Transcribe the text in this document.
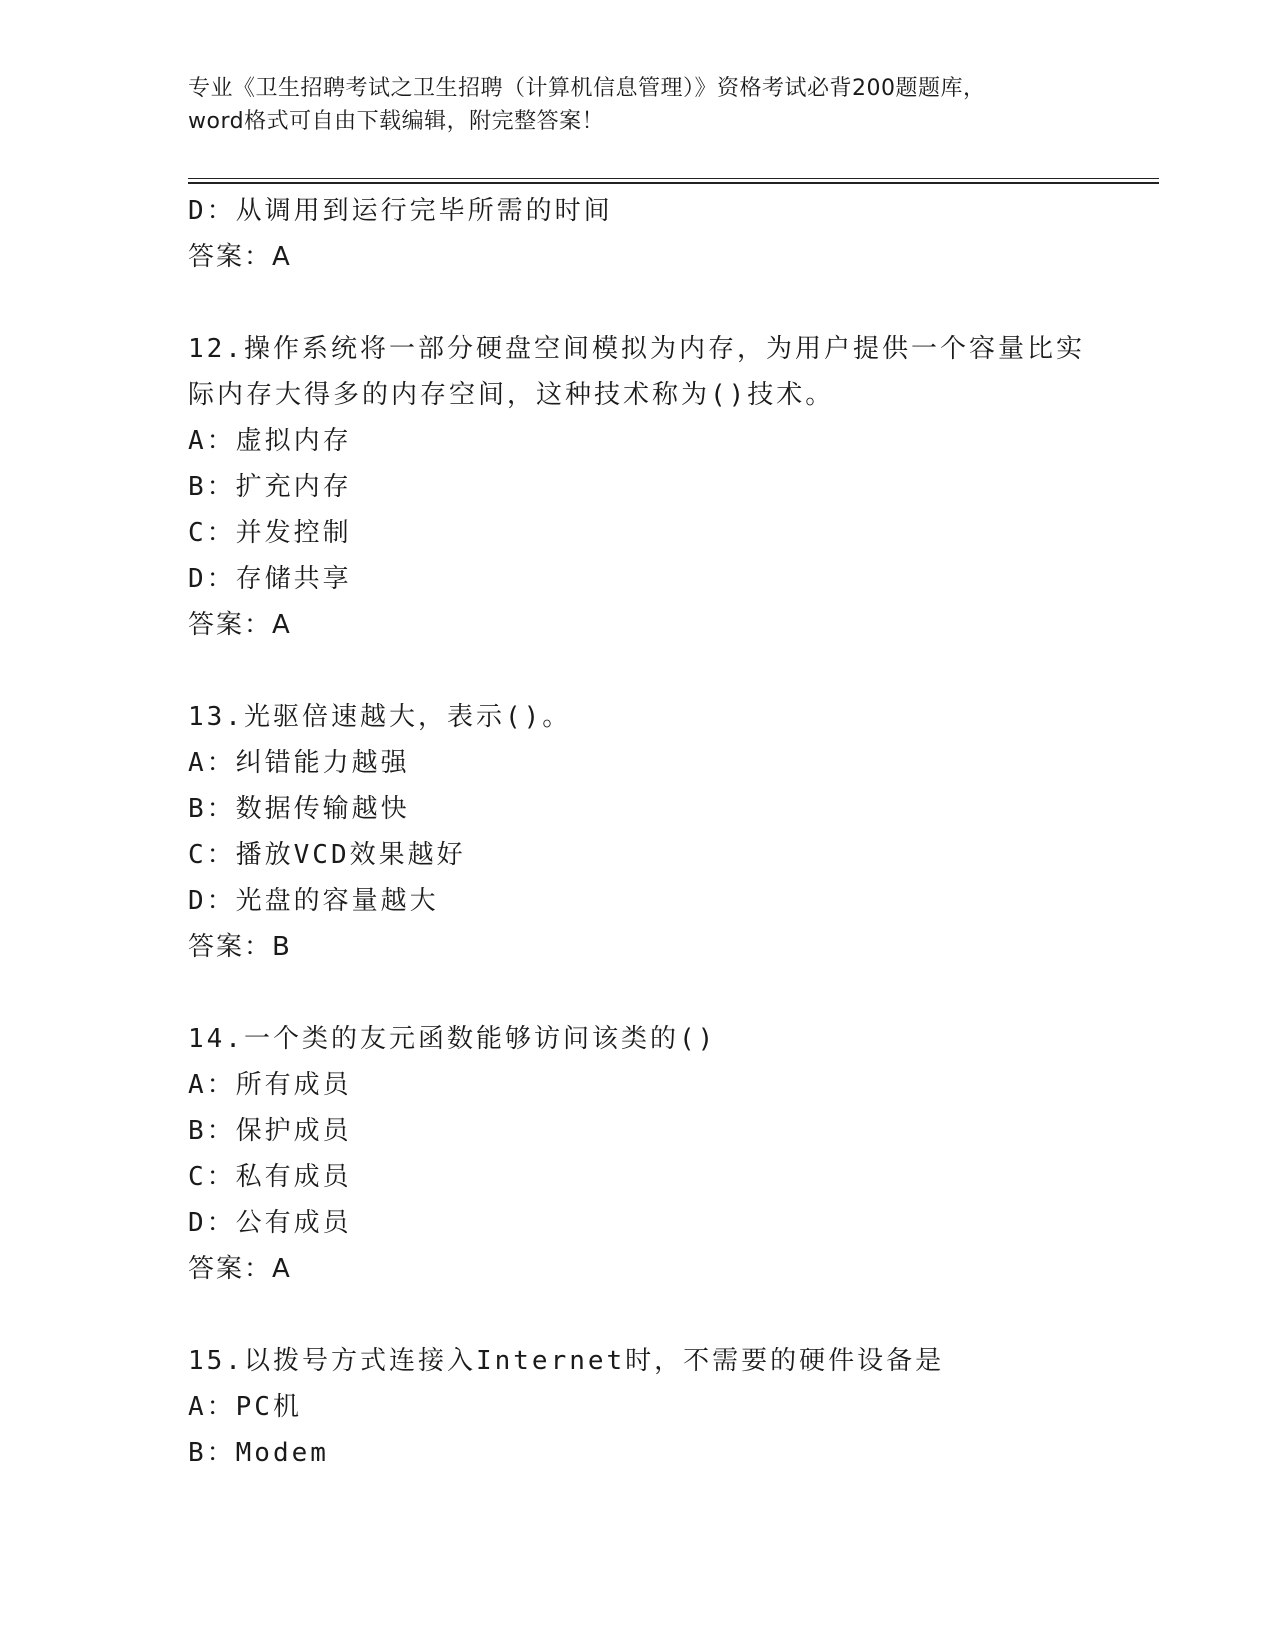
专业《卫生招聘考试之卫生招聘（计算机信息管理）》资格考试必背200题题库，
word格式可自由下载编辑，附完整答案！
D：从调用到运行完毕所需的时间
答案：A
12.操作系统将一部分硬盘空间模拟为内存，为用户提供一个容量比实
际内存大得多的内存空间，这种技术称为()技术。
A：虚拟内存
B：扩充内存
C：并发控制
D：存储共享
答案：A
13.光驱倍速越大，表示()。
A：纠错能力越强
B：数据传输越快
C：播放VCD效果越好
D：光盘的容量越大
答案：B
14.一个类的友元函数能够访问该类的()
A：所有成员
B：保护成员
C：私有成员
D：公有成员
答案：A
15.以拨号方式连接入Internet时，不需要的硬件设备是
A：PC机
B：Modem
